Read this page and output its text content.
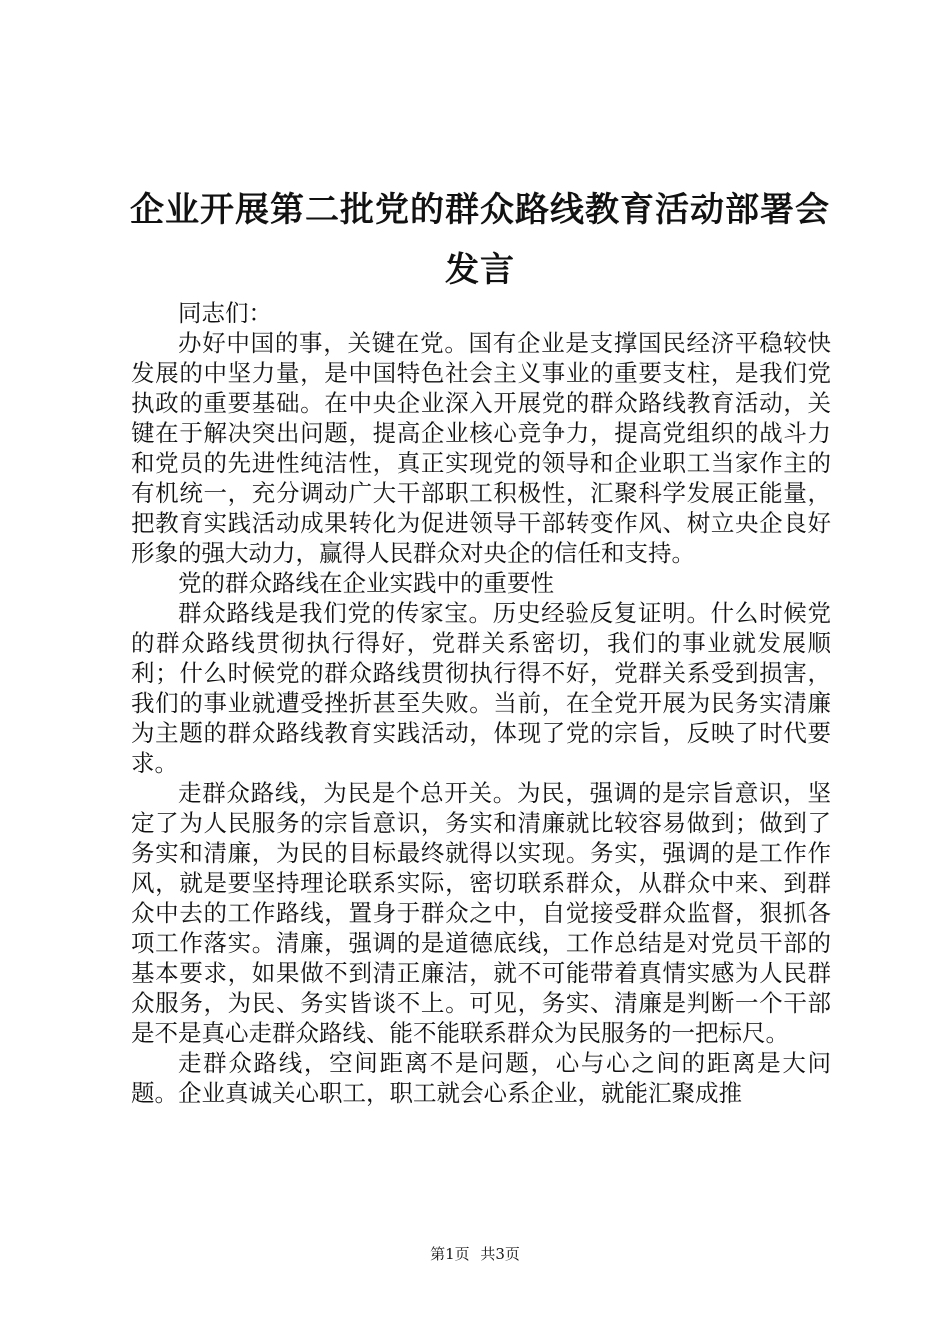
企业开展第二批党的群众路线教育活动部署会发言

同志们：

办好中国的事，关键在党。国有企业是支撑国民经济平稳较快发展的中坚力量，是中国特色社会主义事业的重要支柱，是我们党执政的重要基础。在中央企业深入开展党的群众路线教育活动，关键在于解决突出问题，提高企业核心竞争力，提高党组织的战斗力和党员的先进性纯洁性，真正实现党的领导和企业职工当家作主的有机统一，充分调动广大干部职工积极性，汇聚科学发展正能量，把教育实践活动成果转化为促进领导干部转变作风、树立央企良好形象的强大动力，赢得人民群众对央企的信任和支持。

党的群众路线在企业实践中的重要性

群众路线是我们党的传家宝。历史经验反复证明。什么时候党的群众路线贯彻执行得好，党群关系密切，我们的事业就发展顺利；什么时候党的群众路线贯彻执行得不好，党群关系受到损害，我们的事业就遭受挫折甚至失败。当前，在全党开展为民务实清廉为主题的群众路线教育实践活动，体现了党的宗旨，反映了时代要求。

走群众路线，为民是个总开关。为民，强调的是宗旨意识，坚定了为人民服务的宗旨意识，务实和清廉就比较容易做到；做到了务实和清廉，为民的目标最终就得以实现。务实，强调的是工作作风，就是要坚持理论联系实际，密切联系群众，从群众中来、到群众中去的工作路线，置身于群众之中，自觉接受群众监督，狠抓各项工作落实。清廉，强调的是道德底线，工作总结是对党员干部的基本要求，如果做不到清正廉洁，就不可能带着真情实感为人民群众服务，为民、务实皆谈不上。可见，务实、清廉是判断一个干部是不是真心走群众路线、能不能联系群众为民服务的一把标尺。

走群众路线，空间距离不是问题，心与心之间的距离是大问题。企业真诚关心职工，职工就会心系企业，就能汇聚成推

第1页 共3页
